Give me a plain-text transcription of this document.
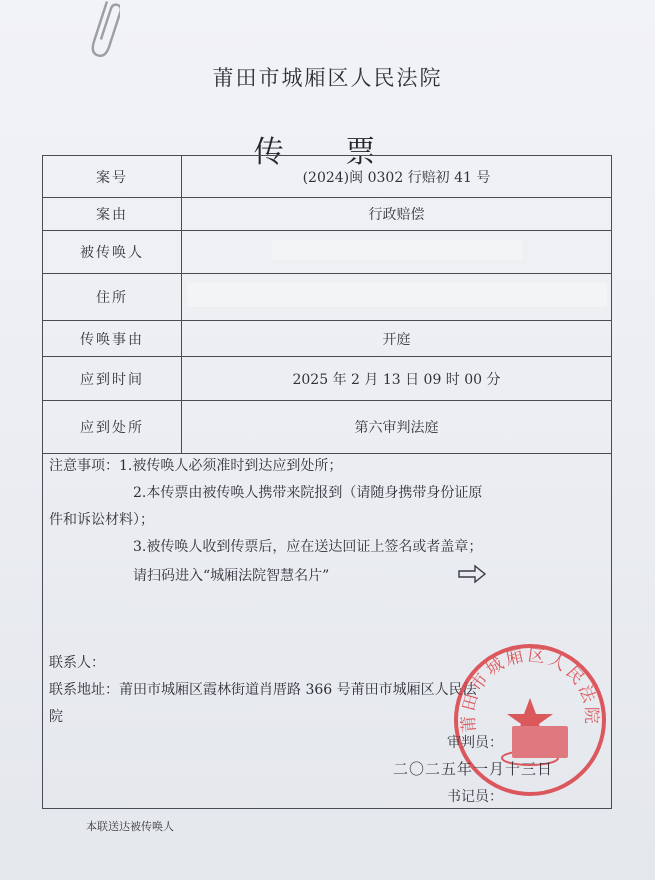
莆田市城厢区人民法院
传 票
案号	(2024)闽 0302 行赔初 41 号
案由	行政赔偿
被传唤人	
住所	
传唤事由	开庭
应到时间	2025 年 2 月 13 日 09 时 00 分
应到处所	第六审判法庭
注意事项：1.被传唤人必须准时到达应到处所；
2.本传票由被传唤人携带来院报到（请随身携带身份证原
件和诉讼材料）；
3.被传唤人收到传票后，应在送达回证上签名或者盖章；
请扫码进入“城厢法院智慧名片”
联系人：
联系地址：莆田市城厢区霞林街道肖厝路 366 号莆田市城厢区人民法
院	莆田市城厢区人民法院
审判员：
二〇二五年一月十三日
书记员：
本联送达被传唤人
